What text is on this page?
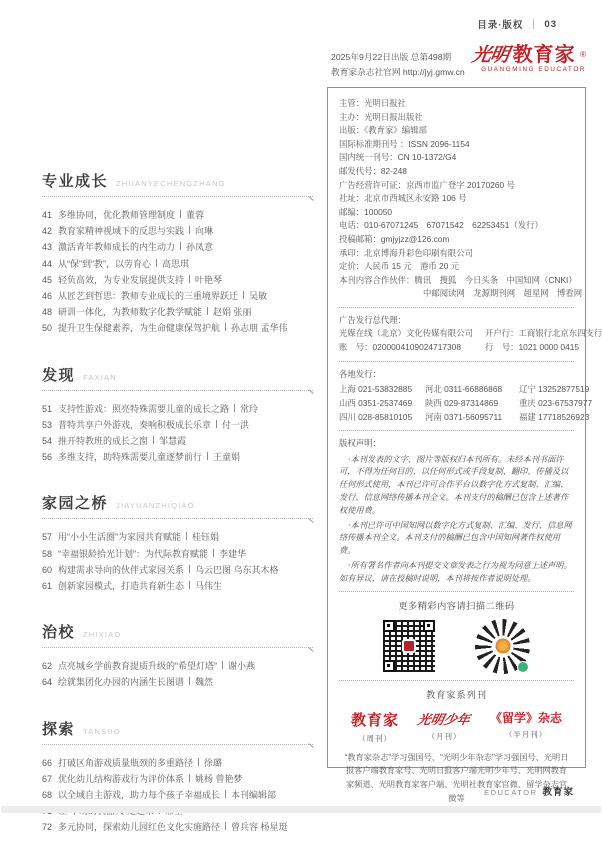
目录·版权 03
2025年9月22日出版 总第498期
教育家杂志社官网 http://jyj.gmw.cn
光明 教育家 ®
GUANGMING EDUCATOR
专业成长 ZHUANYECHENGZHANG
41 多维协同，优化教师管理制度 董蓉
42 教育家精神视域下的反思与实践 向琳
43 激活青年教师成长的内生动力 孙凤意
44 从“保”到“教”，以劳育心 高思琪
45 轻负高效，为专业发展提供支持 叶艳琴
46 从匠艺到哲思：教师专业成长的三重境界跃迁 吴敏
48 研训一体化，为教师数字化教学赋能 赵娟 张丽
50 提升卫生保健素养，为生命健康保驾护航 孙志朋 孟华伟
发现 FAXIAN
51 支持性游戏：照亮特殊需要儿童的成长之路 常玲
53 普特共享户外游戏，奏响积极成长乐章 付一洪
54 推开特教班的成长之窗 邹慧霞
56 多维支持，助特殊需要儿童逐梦前行 王童娟
家园之桥 JIAYUANZHIQIAO
57 用“小小生活圈”为家园共育赋能 桂钰娟
58 “幸福银龄拾光计划”：为代际教育赋能 李建华
60 构建需求导向的伙伴式家园关系 乌云巴图 乌东其木格
61 创新家园模式，打造共育新生态 马伟生
治校 ZHIXIAO
62 点亮城乡学前教育提质升级的“希望灯塔” 谢小燕
64 绘就集团化办园的内涵生长图谱 魏然
探索 TANSUO
66 打破区角游戏质量瓶颈的多重路径 徐璐
67 优化幼儿结构游戏行为评价体系 姚杨 曾艳梦
68 以全域自主游戏，助力每个孩子幸福成长 本刊编辑部
72 多元协同，探索幼儿园红色文化实施路径 曾兵容 杨星珽
主管：光明日报社
主办：光明日报出版社
出版：《教育家》编辑部
国际标准期刊号 ：ISSN 2096-1154
国内统一刊号：CN 10-1372/G4
邮发代号：82-248
广告经营许可证：京西市监广登字 20170260 号
社址：北京市西城区永安路 106 号
邮编：100050
电话：010-67071245　67071542　62253451（发行）
投稿邮箱：gmjyjzz@126.com
承印：北京博海升彩色印刷有限公司
定价：人民币 15 元　港币 20 元
本刊内容合作伙伴：腾讯　搜狐　今日头条　中国知网（CNKI）
中邮阅读网　龙源期刊网　超星网　博看网
广告发行总代理：
光媒在线（北京）文化传媒有限公司	开户行：工商银行北京东四支行
账　号：0200004109024717308	行　号：1021 0000 0415
各地发行：
上海 021-53832885	河北 0311-66886868	辽宁 13252877519
山西 0351-2537469	陕西 029-87314869	重庆 023-67537977
四川 028-85810105	河南 0371-56095711	福建 17718526923
版权声明：

·本刊发表的文字、图片等版权归本刊所有。未经本刊书面许可，不得为任何目的、以任何形式或手段复制、翻印、传播及以任何形式使用，本刊已许可合作平台以数字化方式复制、汇编、发行、信息网络传播本刊全文。本刊支付的稿酬已包含上述著作权使用费。

·本刊已许可中国知网以数字化方式复制、汇编、发行、信息网络传播本刊全文。本刊支付的稿酬已包含中国知网著作权使用费。

·所有署名作者向本刊提交文章发表之行为视为同意上述声明。如有异议，请在投稿时说明，本刊将按作者说明处理。

更多精彩内容请扫描二维码
教育家系列刊
教育家
（周刊）
光明少年
（月刊）
《留学》杂志
（半月刊）
“教育家杂志”学习强国号、“光明少年杂志”学习强国号、光明日报客户端教育家号、光明日报客户端光明少年号、光明网教育家频道、光明教育家客户端、光明社教育家官微、留学杂志官微等
EDUCATOR 教育家
